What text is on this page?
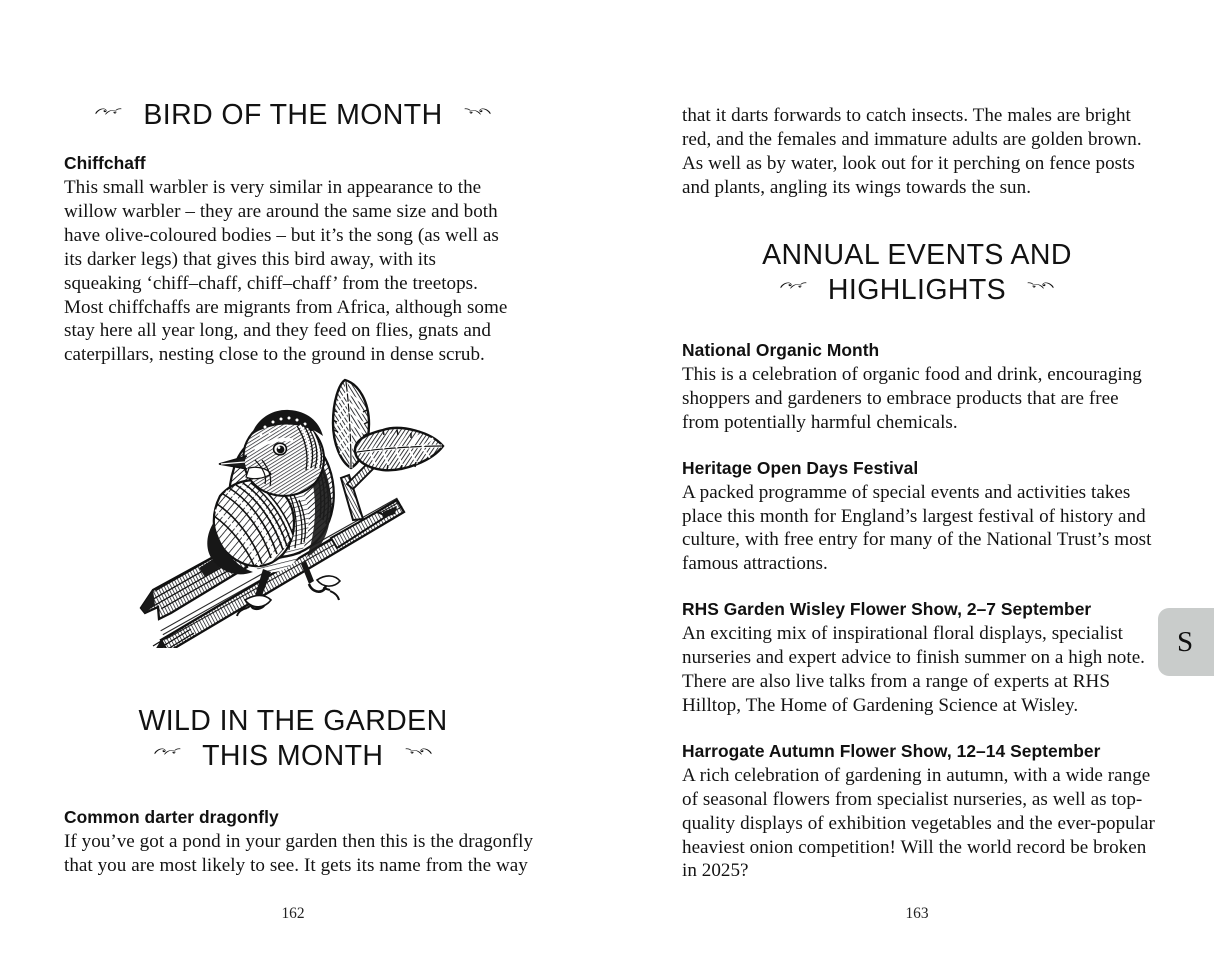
BIRD OF THE MONTH
Chiffchaff

This small warbler is very similar in appearance to the willow warbler – they are around the same size and both have olive-coloured bodies – but it’s the song (as well as its darker legs) that gives this bird away, with its squeaking ‘chiff–chaff, chiff–chaff’ from the treetops. Most chiffchaffs are migrants from Africa, although some stay here all year long, and they feed on flies, gnats and caterpillars, nesting close to the ground in dense scrub.

WILD IN THE GARDEN
THIS MONTH
Common darter dragonfly

If you’ve got a pond in your garden then this is the dragonfly that you are most likely to see. It gets its name from the way

162

that it darts forwards to catch insects. The males are bright red, and the females and immature adults are golden brown. As well as by water, look out for it perching on fence posts and plants, angling its wings towards the sun.

ANNUAL EVENTS AND
HIGHLIGHTS
National Organic Month

This is a celebration of organic food and drink, encouraging shoppers and gardeners to embrace products that are free from potentially harmful chemicals.

Heritage Open Days Festival

A packed programme of special events and activities takes place this month for England’s largest festival of history and culture, with free entry for many of the National Trust’s most famous attractions.

RHS Garden Wisley Flower Show, 2–7 September

An exciting mix of inspirational floral displays, specialist nurseries and expert advice to finish summer on a high note. There are also live talks from a range of experts at RHS Hilltop, The Home of Gardening Science at Wisley.

Harrogate Autumn Flower Show, 12–14 September

A rich celebration of gardening in autumn, with a wide range of seasonal flowers from specialist nurseries, as well as top-quality displays of exhibition vegetables and the ever-popular heaviest onion competition! Will the world record be broken in 2025?

163
S
